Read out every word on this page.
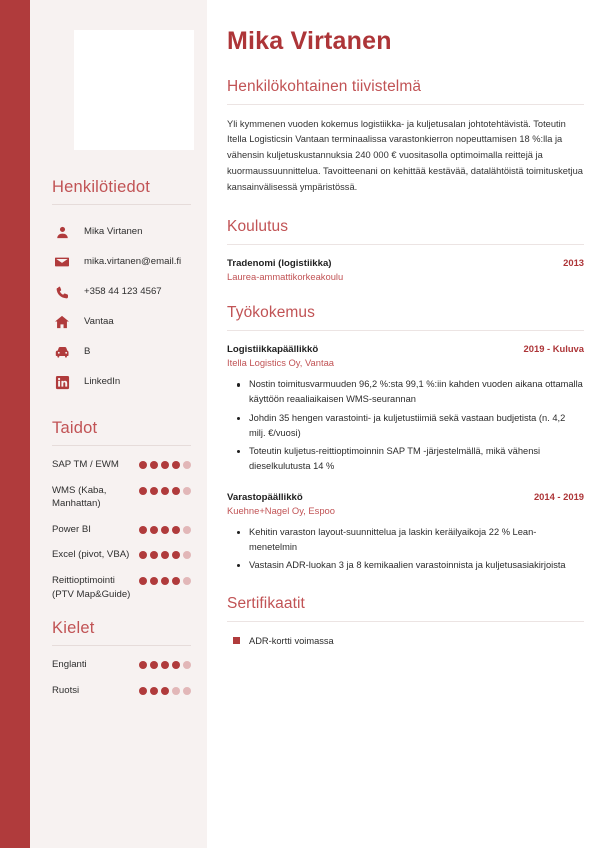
Henkilötiedot
Mika Virtanen
mika.virtanen@email.fi
+358 44 123 4567
Vantaa
B
LinkedIn
Taidot
SAP TM / EWM
WMS (Kaba, Manhattan)
Power BI
Excel (pivot, VBA)
Reittioptimointi (PTV Map&Guide)
Kielet
Englanti
Ruotsi
Mika Virtanen
Henkilökohtainen tiivistelmä

Yli kymmenen vuoden kokemus logistiikka- ja kuljetusalan johtotehtävistä. Toteutin Itella Logisticsin Vantaan terminaalissa varastonkierron nopeuttamisen 18 %:lla ja vähensin kuljetuskustannuksia 240 000 € vuositasolla optimoimalla reittejä ja kuormaussuunnittelua. Tavoitteenani on kehittää kestävää, datalähtöistä toimitusketjua kansainvälisessä ympäristössä.

Koulutus
Tradenomi (logistiikka)	2013
Laurea-ammattikorkeakoulu
Työkokemus
Logistiikkapäällikkö	2019 - Kuluva
Itella Logistics Oy, Vantaa
Nostin toimitusvarmuuden 96,2 %:sta 99,1 %:iin kahden vuoden aikana ottamalla käyttöön reaaliaikaisen WMS-seurannan
Johdin 35 hengen varastointi- ja kuljetustiimiä sekä vastaan budjetista (n. 4,2 milj. €/vuosi)
Toteutin kuljetus-reittioptimoinnin SAP TM -järjestelmällä, mikä vähensi dieselkulutusta 14 %
Varastopäällikkö	2014 - 2019
Kuehne+Nagel Oy, Espoo
Kehitin varaston layout-suunnittelua ja laskin keräilyaikoja 22 % Lean-menetelmin
Vastasin ADR-luokan 3 ja 8 kemikaalien varastoinnista ja kuljetusasiakirjoista
Sertifikaatit
ADR-kortti voimassa
